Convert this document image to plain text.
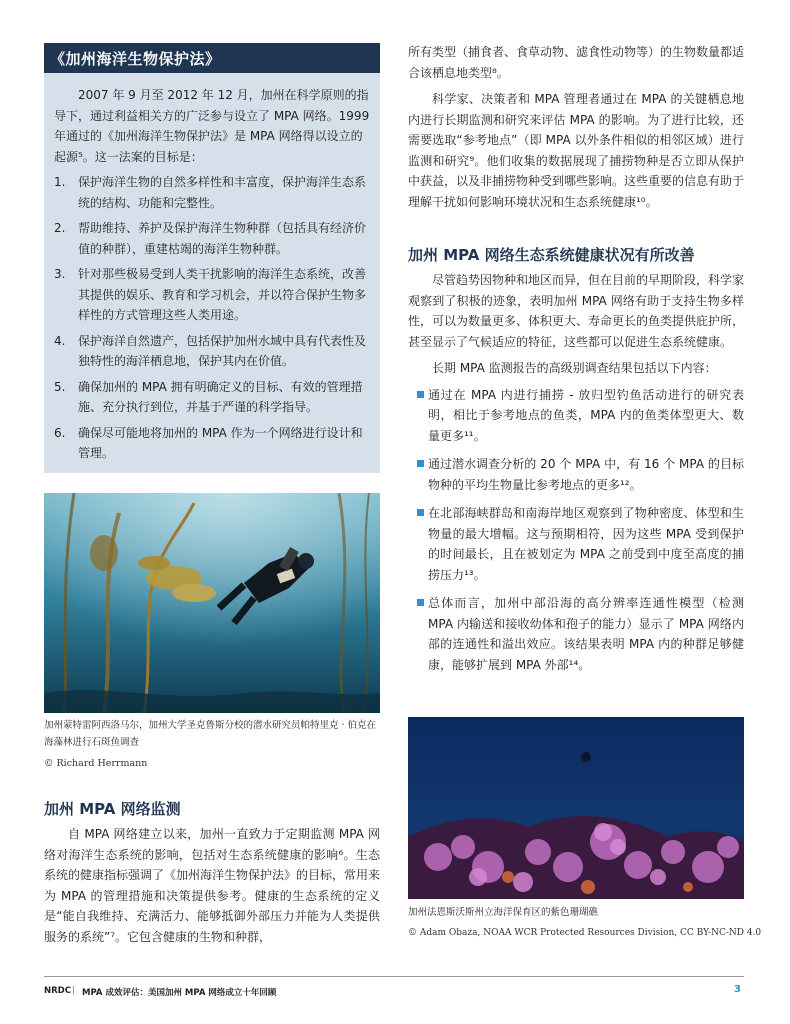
《加州海洋生物保护法》

2007 年 9 月至 2012 年 12 月，加州在科学原则的指导下，通过利益相关方的广泛参与设立了 MPA 网络。1999 年通过的《加州海洋生物保护法》是 MPA 网络得以设立的起源⁵。这一法案的目标是：

1. 保护海洋生物的自然多样性和丰富度，保护海洋生态系统的结构、功能和完整性。
2. 帮助维持、养护及保护海洋生物种群（包括具有经济价值的种群），重建枯竭的海洋生物种群。
3. 针对那些极易受到人类干扰影响的海洋生态系统，改善其提供的娱乐、教育和学习机会，并以符合保护生物多样性的方式管理这些人类用途。
4. 保护海洋自然遗产，包括保护加州水域中具有代表性及独特性的海洋栖息地，保护其内在价值。
5. 确保加州的 MPA 拥有明确定义的目标、有效的管理措施、充分执行到位，并基于严谨的科学指导。
6. 确保尽可能地将加州的 MPA 作为一个网络进行设计和管理。
加州蒙特雷阿西洛马尔，加州大学圣克鲁斯分校的潜水研究员帕特里克 · 伯克在海藻林进行石斑鱼调查
© Richard Herrmann
加州 MPA 网络监测

自 MPA 网络建立以来，加州一直致力于定期监测 MPA 网络对海洋生态系统的影响，包括对生态系统健康的影响⁶。生态系统的健康指标强调了《加州海洋生物保护法》的目标，常用来为 MPA 的管理措施和决策提供参考。健康的生态系统的定义是“能自我维持、充满活力、能够抵御外部压力并能为人类提供服务的系统”⁷。它包含健康的生物和种群，

所有类型（捕食者、食草动物、滤食性动物等）的生物数量都适合该栖息地类型⁸。

科学家、决策者和 MPA 管理者通过在 MPA 的关键栖息地内进行长期监测和研究来评估 MPA 的影响。为了进行比较，还需要选取“参考地点”（即 MPA 以外条件相似的相邻区域）进行监测和研究⁹。他们收集的数据展现了捕捞物种是否立即从保护中获益，以及非捕捞物种受到哪些影响。这些重要的信息有助于理解干扰如何影响环境状况和生态系统健康¹⁰。

加州 MPA 网络生态系统健康状况有所改善

尽管趋势因物种和地区而异，但在目前的早期阶段，科学家观察到了积极的迹象，表明加州 MPA 网络有助于支持生物多样性，可以为数量更多、体积更大、寿命更长的鱼类提供庇护所，甚至显示了气候适应的特征，这些都可以促进生态系统健康。

长期 MPA 监测报告的高级别调查结果包括以下内容：

通过在 MPA 内进行捕捞 - 放归型钓鱼活动进行的研究表明，相比于参考地点的鱼类，MPA 内的鱼类体型更大、数量更多¹¹。
通过潜水调查分析的 20 个 MPA 中，有 16 个 MPA 的目标物种的平均生物量比参考地点的更多¹²。
在北部海峡群岛和南海岸地区观察到了物种密度、体型和生物量的最大增幅。这与预期相符，因为这些 MPA 受到保护的时间最长，且在被划定为 MPA 之前受到中度至高度的捕捞压力¹³。
总体而言，加州中部沿海的高分辨率连通性模型（检测 MPA 内输送和接收幼体和孢子的能力）显示了 MPA 网络内部的连通性和溢出效应。该结果表明 MPA 内的种群足够健康，能够扩展到 MPA 外部¹⁴。
加州法恩斯沃斯州立海洋保育区的紫色珊瑚礁
© Adam Obaza, NOAA WCR Protected Resources Division, CC BY-NC-ND 4.0
NRDC | MPA 成效评估：美国加州 MPA 网络成立十年回顾	3
